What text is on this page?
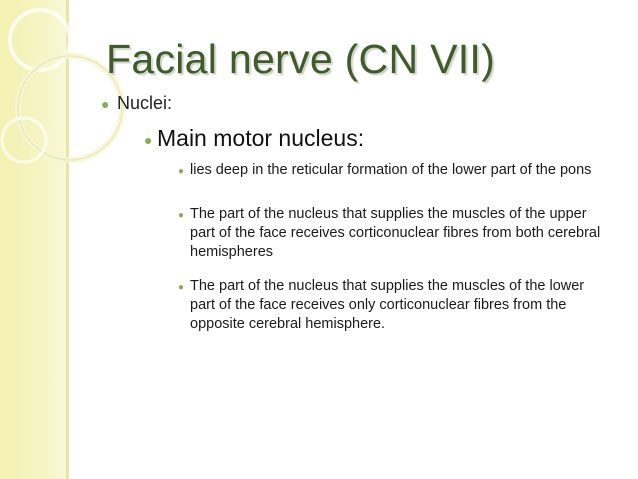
Facial nerve (CN VII)
● Nuclei:
● Main motor nucleus:
● lies deep in the reticular formation of the lower part of the pons
● The part of the nucleus that supplies the muscles of the upper part of the face receives corticonuclear fibres from both cerebral hemispheres
● The part of the nucleus that supplies the muscles of the lower part of the face receives only corticonuclear fibres from the opposite cerebral hemisphere.
